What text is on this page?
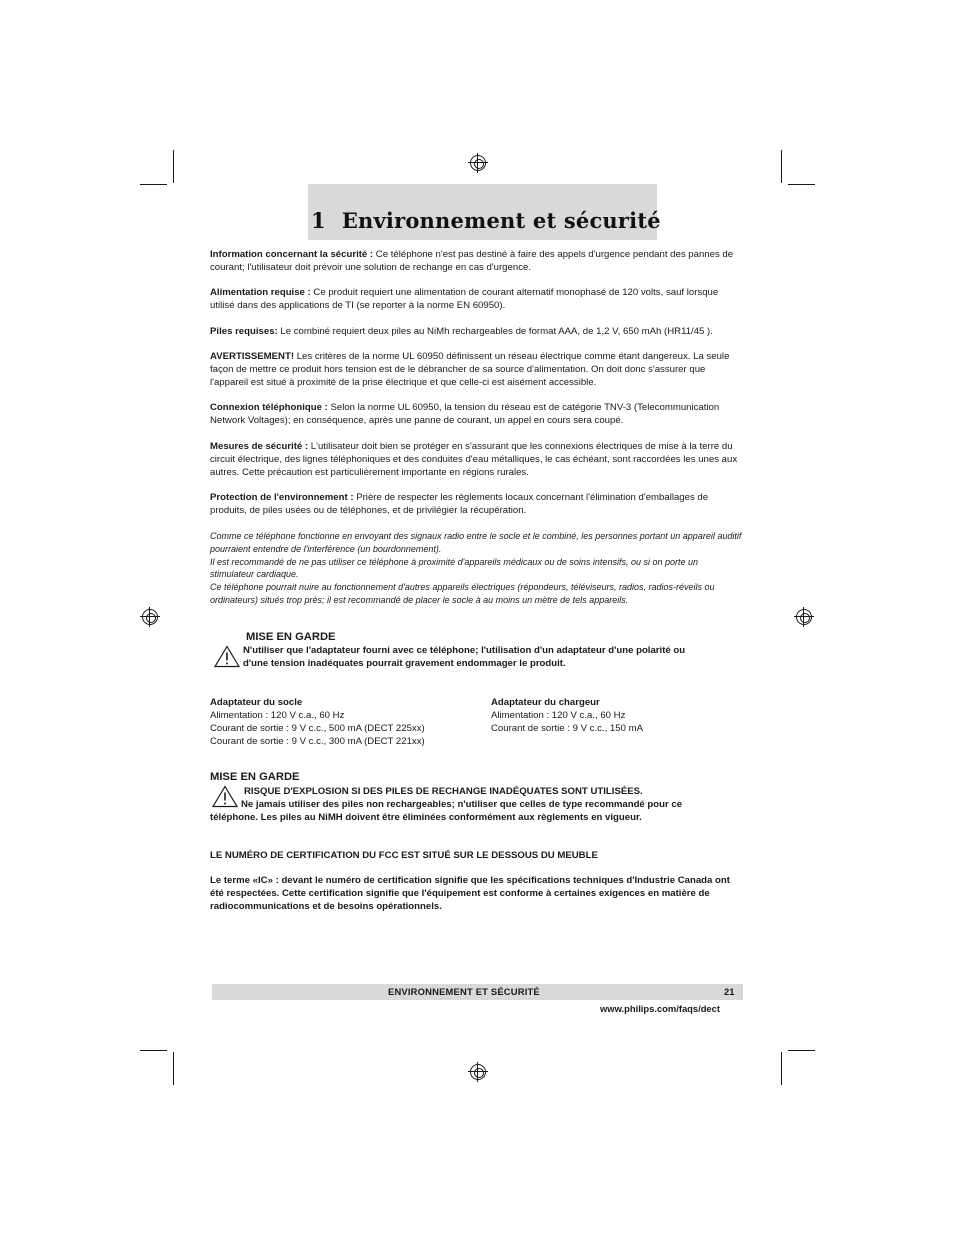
1 Environnement et sécurité

Information concernant la sécurité : Ce téléphone n'est pas destiné à faire des appels d'urgence pendant des pannes de courant; l'utilisateur doit prévoir une solution de rechange en cas d'urgence.

Alimentation requise : Ce produit requiert une alimentation de courant alternatif monophasé de 120 volts, sauf lorsque utilisé dans des applications de TI (se reporter à la norme EN 60950).

Piles requises: Le combiné requiert deux piles au NiMh rechargeables de format AAA, de 1,2 V, 650 mAh (HR11/45 ).

AVERTISSEMENT! Les critères de la norme UL 60950 définissent un réseau électrique comme étant dangereux. La seule façon de mettre ce produit hors tension est de le débrancher de sa source d'alimentation. On doit donc s'assurer que l'appareil est situé à proximité de la prise électrique et que celle-ci est aisément accessible.

Connexion téléphonique : Selon la norme UL 60950, la tension du réseau est de catégorie TNV-3 (Telecommunication Network Voltages); en conséquence, après une panne de courant, un appel en cours sera coupé.

Mesures de sécurité : L'utilisateur doit bien se protéger en s'assurant que les connexions électriques de mise à la terre du circuit électrique, des lignes téléphoniques et des conduites d'eau métalliques, le cas échéant, sont raccordées les unes aux autres. Cette précaution est particulièrement importante en régions rurales.

Protection de l'environnement : Prière de respecter les règlements locaux concernant l'élimination d'emballages de produits, de piles usées ou de téléphones, et de privilégier la récupération.

Comme ce téléphone fonctionne en envoyant des signaux radio entre le socle et le combiné, les personnes portant un appareil auditif pourraient entendre de l'interférence (un bourdonnement).

Il est recommandé de ne pas utiliser ce téléphone à proximité d'appareils médicaux ou de soins intensifs, ou si on porte un stimulateur cardiaque.

Ce téléphone pourrait nuire au fonctionnement d'autres appareils électriques (répondeurs, téléviseurs, radios, radios-réveils ou ordinateurs) situés trop près; il est recommandé de placer le socle à au moins un mètre de tels appareils.

MISE EN GARDE

N'utiliser que l'adaptateur fourni avec ce téléphone; l'utilisation d'un adaptateur d'une polarité ou

d'une tension inadéquates pourrait gravement endommager le produit.

Adaptateur du socle

Alimentation : 120 V c.a., 60 Hz

Courant de sortie : 9 V c.c., 500 mA (DECT 225xx)

Courant de sortie : 9 V c.c., 300 mA (DECT 221xx)

Adaptateur du chargeur

Alimentation : 120 V c.a., 60 Hz

Courant de sortie : 9 V c.c., 150 mA

MISE EN GARDE

RISQUE D'EXPLOSION SI DES PILES DE RECHANGE INADÉQUATES SONT UTILISÉES.

Ne jamais utiliser des piles non rechargeables; n'utiliser que celles de type recommandé pour ce

téléphone. Les piles au NiMH doivent être éliminées conformément aux règlements en vigueur.

LE NUMÉRO DE CERTIFICATION DU FCC EST SITUÉ SUR LE DESSOUS DU MEUBLE

Le terme «IC» : devant le numéro de certification signifie que les spécifications techniques d'Industrie Canada ont été respectées. Cette certification signifie que l'équipement est conforme à certaines exigences en matière de radiocommunications et de besoins opérationnels.

ENVIRONNEMENT ET SÉCURITÉ	21

www.philips.com/faqs/dect
